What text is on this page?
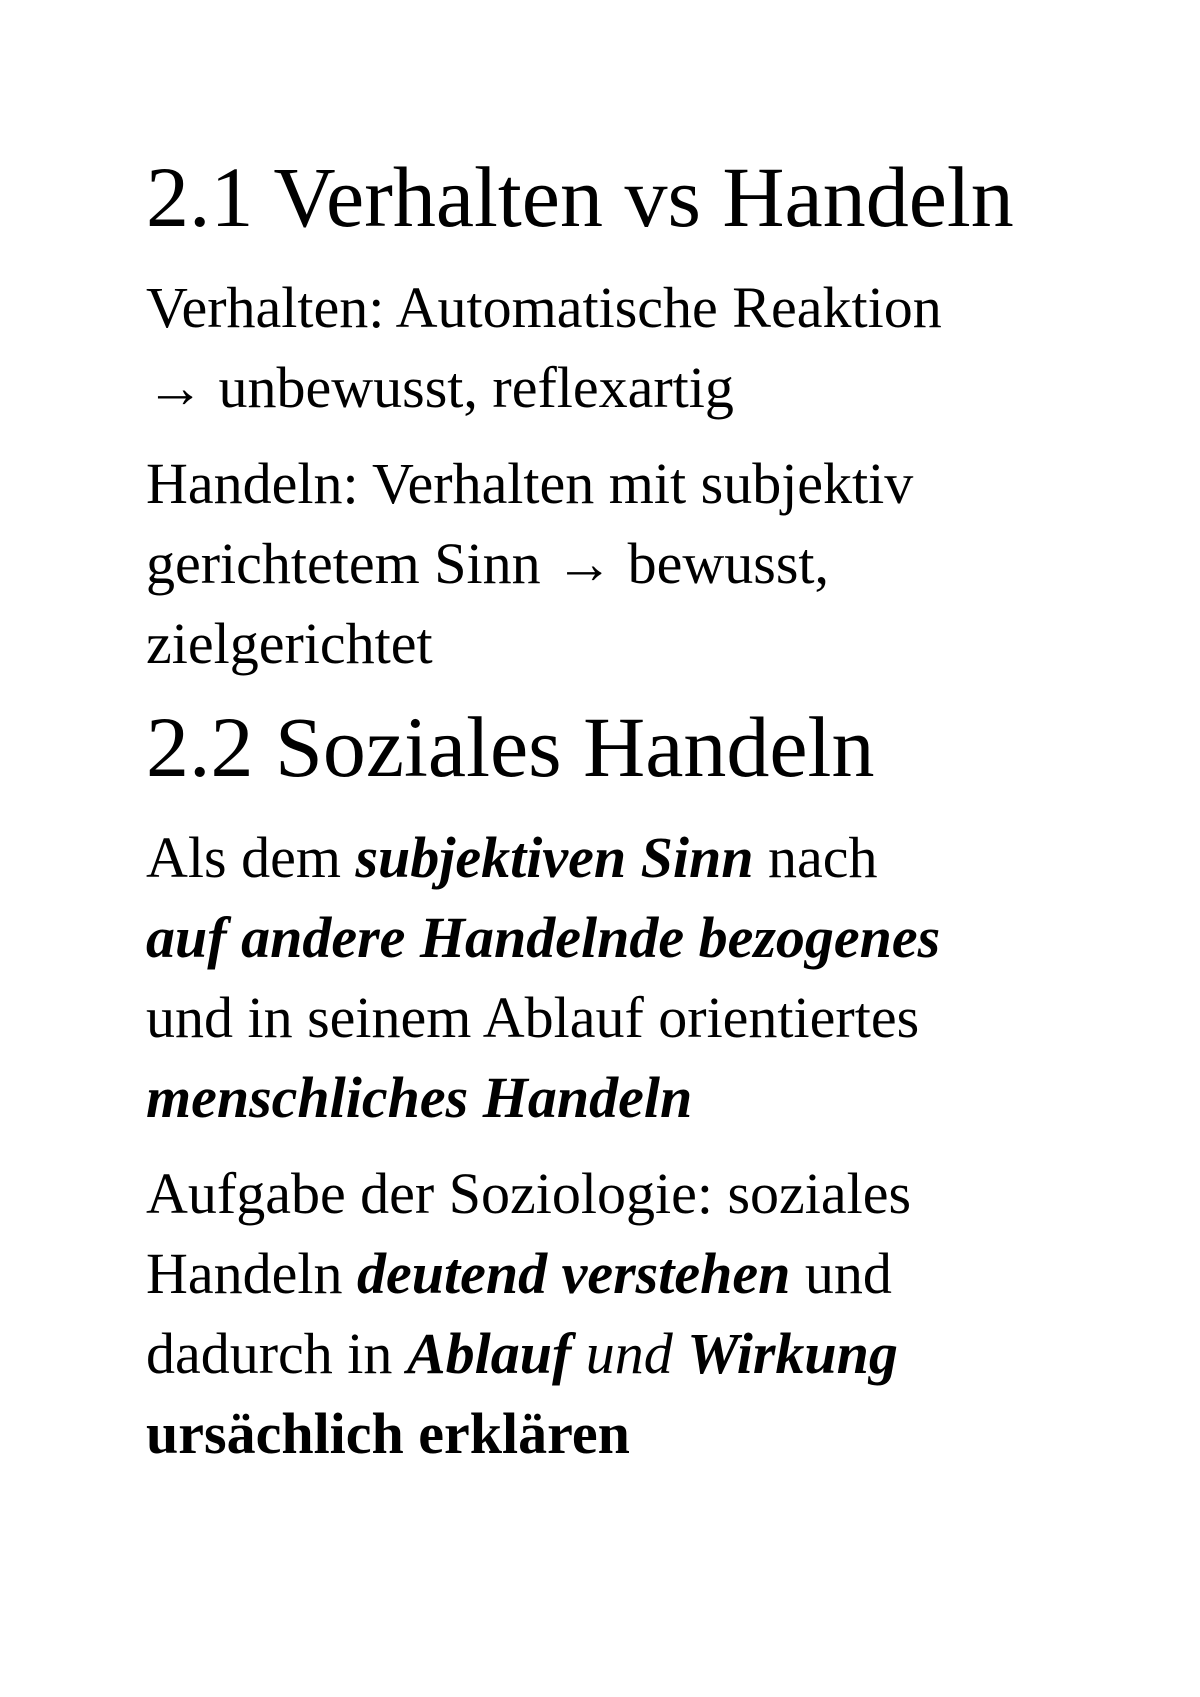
2.1 Verhalten vs Handeln

Verhalten: Automatische Reaktion
→ unbewusst, reflexartig

Handeln: Verhalten mit subjektiv
gerichtetem Sinn → bewusst,
zielgerichtet

2.2 Soziales Handeln

Als dem subjektiven Sinn nach
auf andere Handelnde bezogenes
und in seinem Ablauf orientiertes
menschliches Handeln

Aufgabe der Soziologie: soziales
Handeln deutend verstehen und
dadurch in Ablauf und Wirkung
ursächlich erklären
